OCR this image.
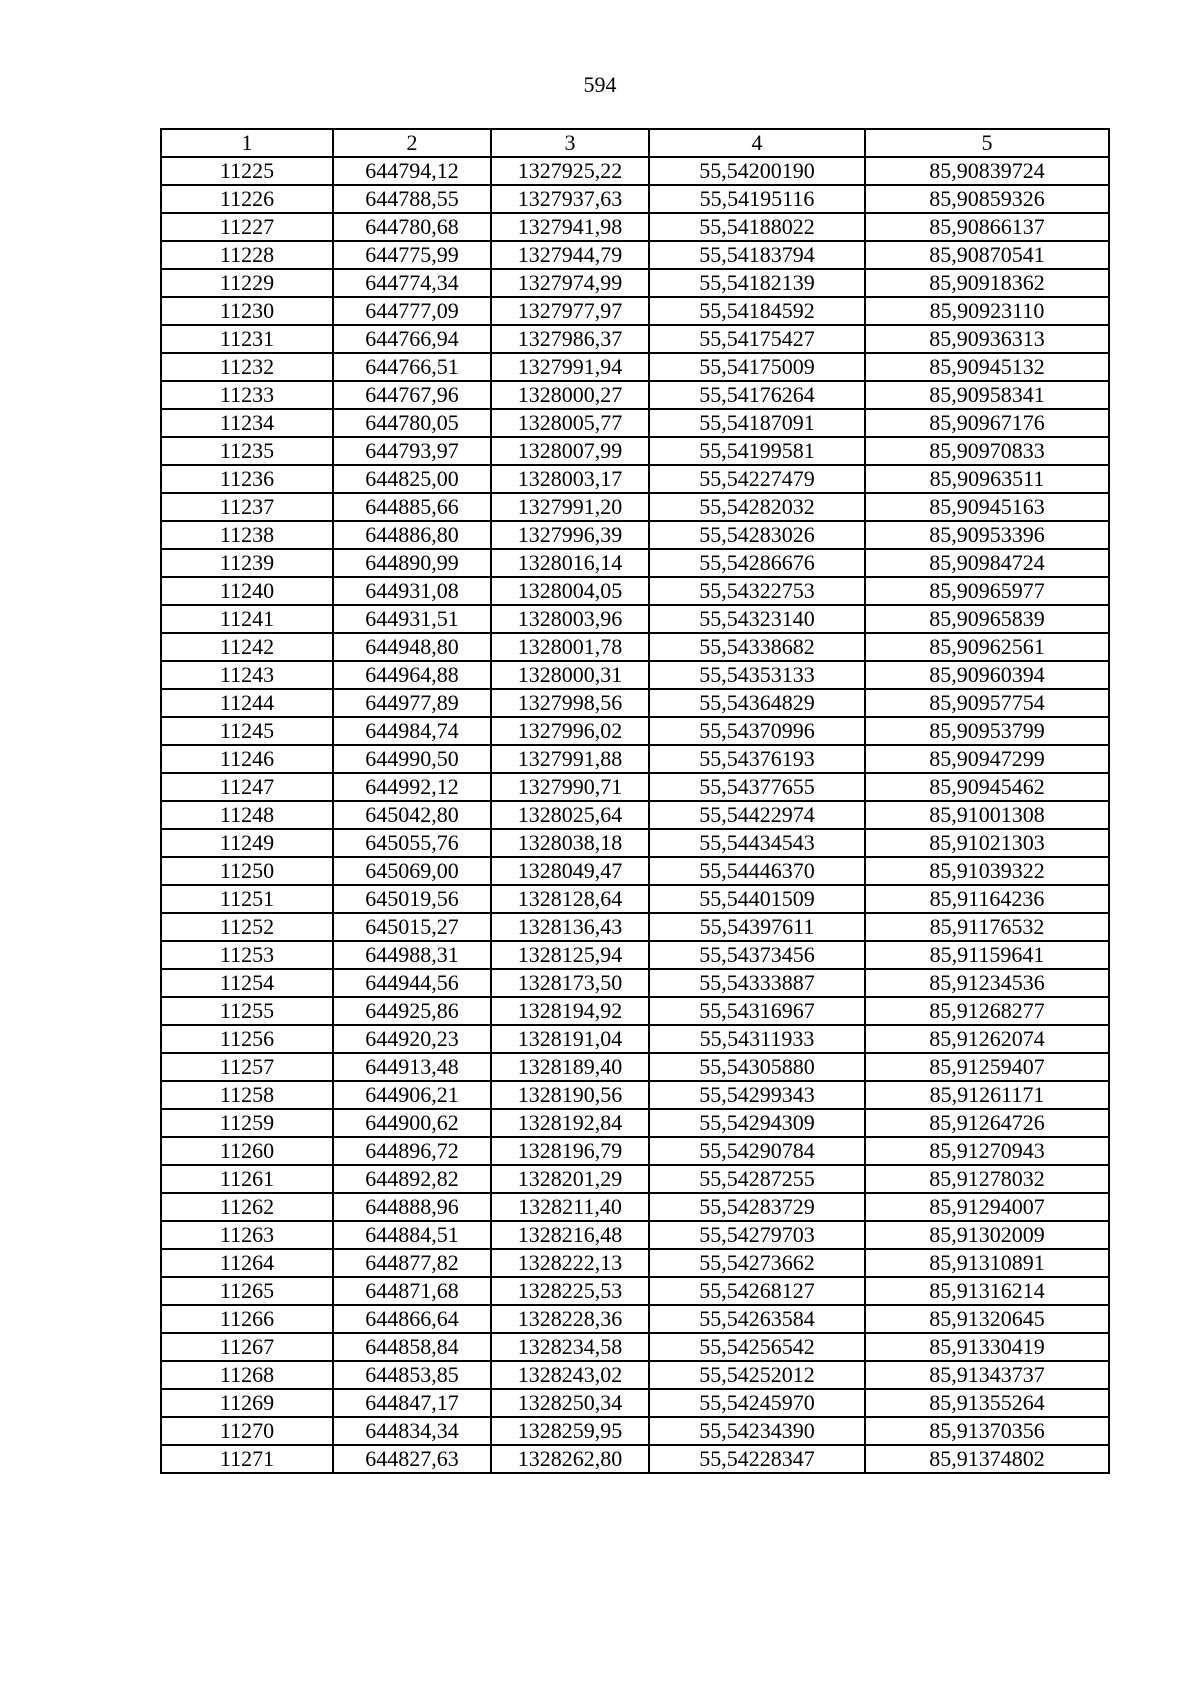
594
1	2	3	4	5
11225	644794,12	1327925,22	55,54200190	85,90839724
11226	644788,55	1327937,63	55,54195116	85,90859326
11227	644780,68	1327941,98	55,54188022	85,90866137
11228	644775,99	1327944,79	55,54183794	85,90870541
11229	644774,34	1327974,99	55,54182139	85,90918362
11230	644777,09	1327977,97	55,54184592	85,90923110
11231	644766,94	1327986,37	55,54175427	85,90936313
11232	644766,51	1327991,94	55,54175009	85,90945132
11233	644767,96	1328000,27	55,54176264	85,90958341
11234	644780,05	1328005,77	55,54187091	85,90967176
11235	644793,97	1328007,99	55,54199581	85,90970833
11236	644825,00	1328003,17	55,54227479	85,90963511
11237	644885,66	1327991,20	55,54282032	85,90945163
11238	644886,80	1327996,39	55,54283026	85,90953396
11239	644890,99	1328016,14	55,54286676	85,90984724
11240	644931,08	1328004,05	55,54322753	85,90965977
11241	644931,51	1328003,96	55,54323140	85,90965839
11242	644948,80	1328001,78	55,54338682	85,90962561
11243	644964,88	1328000,31	55,54353133	85,90960394
11244	644977,89	1327998,56	55,54364829	85,90957754
11245	644984,74	1327996,02	55,54370996	85,90953799
11246	644990,50	1327991,88	55,54376193	85,90947299
11247	644992,12	1327990,71	55,54377655	85,90945462
11248	645042,80	1328025,64	55,54422974	85,91001308
11249	645055,76	1328038,18	55,54434543	85,91021303
11250	645069,00	1328049,47	55,54446370	85,91039322
11251	645019,56	1328128,64	55,54401509	85,91164236
11252	645015,27	1328136,43	55,54397611	85,91176532
11253	644988,31	1328125,94	55,54373456	85,91159641
11254	644944,56	1328173,50	55,54333887	85,91234536
11255	644925,86	1328194,92	55,54316967	85,91268277
11256	644920,23	1328191,04	55,54311933	85,91262074
11257	644913,48	1328189,40	55,54305880	85,91259407
11258	644906,21	1328190,56	55,54299343	85,91261171
11259	644900,62	1328192,84	55,54294309	85,91264726
11260	644896,72	1328196,79	55,54290784	85,91270943
11261	644892,82	1328201,29	55,54287255	85,91278032
11262	644888,96	1328211,40	55,54283729	85,91294007
11263	644884,51	1328216,48	55,54279703	85,91302009
11264	644877,82	1328222,13	55,54273662	85,91310891
11265	644871,68	1328225,53	55,54268127	85,91316214
11266	644866,64	1328228,36	55,54263584	85,91320645
11267	644858,84	1328234,58	55,54256542	85,91330419
11268	644853,85	1328243,02	55,54252012	85,91343737
11269	644847,17	1328250,34	55,54245970	85,91355264
11270	644834,34	1328259,95	55,54234390	85,91370356
11271	644827,63	1328262,80	55,54228347	85,91374802
